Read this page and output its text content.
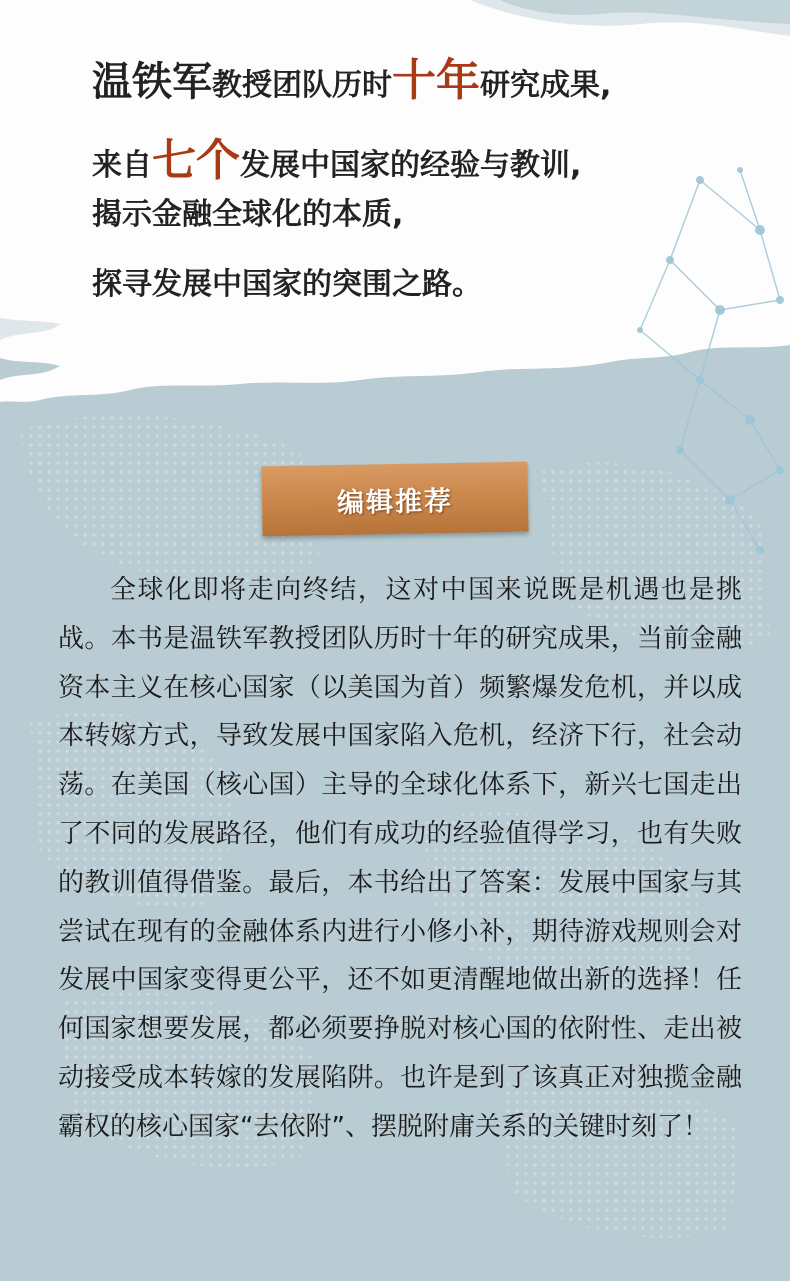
温铁军教授团队历时十年研究成果,
来自七个发展中国家的经验与教训,
揭示金融全球化的本质,
探寻发展中国家的突围之路。
编辑推荐

全球化即将走向终结，这对中国来说既是机遇也是挑战。本书是温铁军教授团队历时十年的研究成果，当前金融资本主义在核心国家（以美国为首）频繁爆发危机，并以成本转嫁方式，导致发展中国家陷入危机，经济下行，社会动荡。在美国（核心国）主导的全球化体系下，新兴七国走出了不同的发展路径，他们有成功的经验值得学习，也有失败的教训值得借鉴。最后，本书给出了答案：发展中国家与其尝试在现有的金融体系内进行小修小补，期待游戏规则会对发展中国家变得更公平，还不如更清醒地做出新的选择！任何国家想要发展，都必须要挣脱对核心国的依附性、走出被动接受成本转嫁的发展陷阱。也许是到了该真正对独揽金融霸权的核心国家“去依附”、摆脱附庸关系的关键时刻了！
